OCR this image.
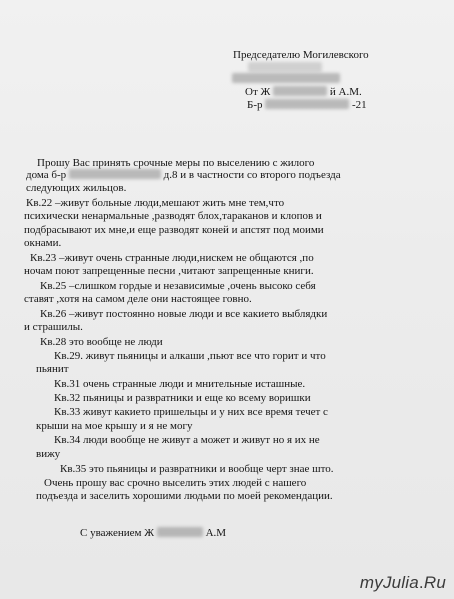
Председателю Могилевского
От Ж	й А.М.
Б-р	-21
Прошу Вас принять срочные меры по выселению с жилого
дома б-р	д.8 и в частности со второго подъезда
следующих жильцов.
Кв.22 –живут больные люди,мешают жить мне тем,что
психически ненармальные ,разводят блох,тараканов и клопов и
подбрасывают их мне,и еще разводят коней и апстят под моими
окнами.
Кв.23 –живут очень странные люди,нискем не общаются ,по
ночам поют запрещенные песни ,читают запрещенные книги.
Кв.25 –слишком гордые и независимые ,очень высоко себя
ставят ,хотя на самом деле они настоящее говно.
Кв.26 –живут постоянно новые люди и все какието выблядки
и страшилы.
Кв.28 это вообще не люди
Кв.29. живут пьяницы и алкаши ,пьют все что горит и что
пьянит
Кв.31 очень странные люди и мнительные исташные.
Кв.32 пьяницы и развратники и еще ко всему воришки
Кв.33 живут какието пришельцы и у них все время течет с
крыши на мое крышу и я не могу
Кв.34 люди вообще не живут а может и живут но я их не
вижу
Кв.35 это пьяницы и развратники и вообще черт знае што.
Очень прошу вас срочно выселить этих людей с нашего
подъезда и заселить хорошими людьми по моей рекомендации.
С уважением Ж	А.М
myJulia.Ru
